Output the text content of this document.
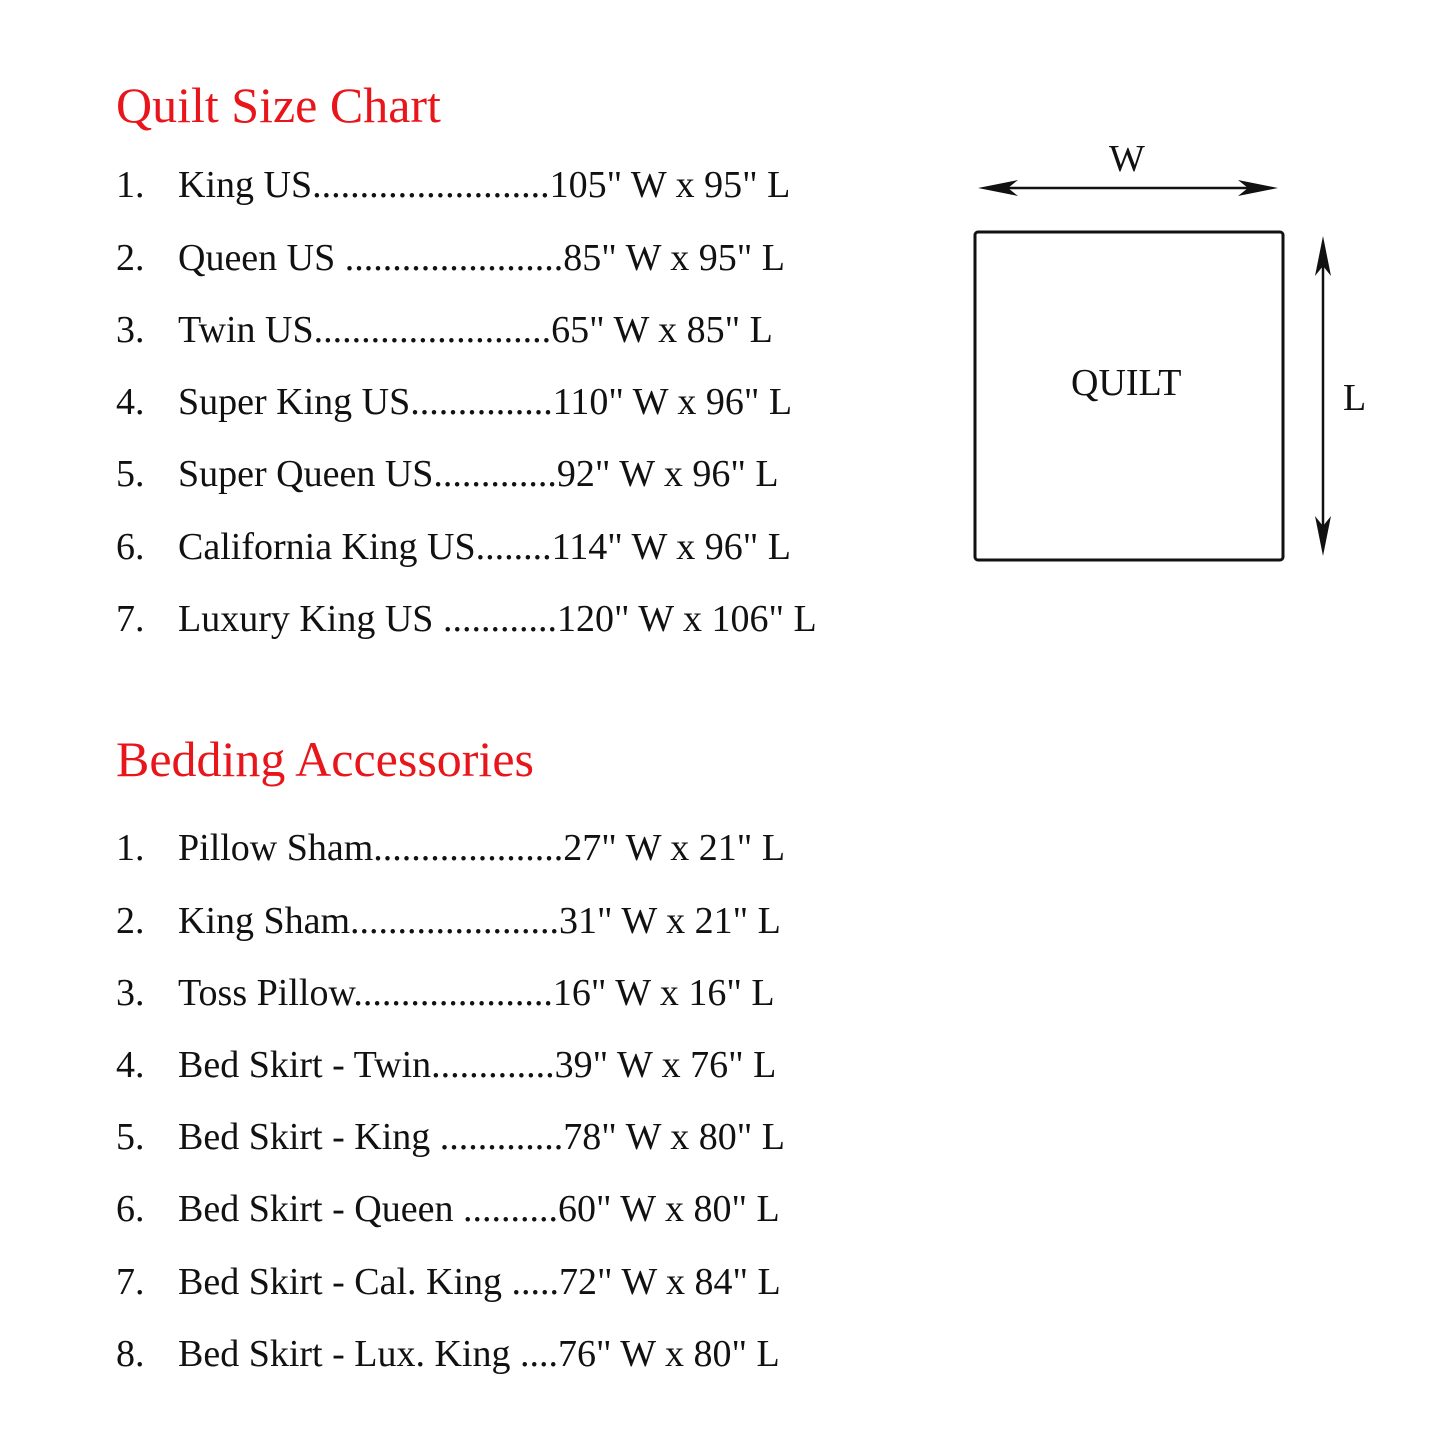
Quilt Size Chart
1. King US.........................105" W x 95" L
2. Queen US .......................85" W x 95" L
3. Twin US.........................65" W x 85" L
4. Super King US...............110" W x 96" L
5. Super Queen US.............92" W x 96" L
6. California King US........114" W x 96" L
7. Luxury King US ............120" W x 106" L
Bedding Accessories
1. Pillow Sham....................27" W x 21" L
2. King Sham......................31" W x 21" L
3. Toss Pillow.....................16" W x 16" L
4. Bed Skirt - Twin.............39" W x 76" L
5. Bed Skirt - King .............78" W x 80" L
6. Bed Skirt - Queen ..........60" W x 80" L
7. Bed Skirt - Cal. King .....72" W x 84" L
8. Bed Skirt - Lux. King ....76" W x 80" L
W
QUILT	L
